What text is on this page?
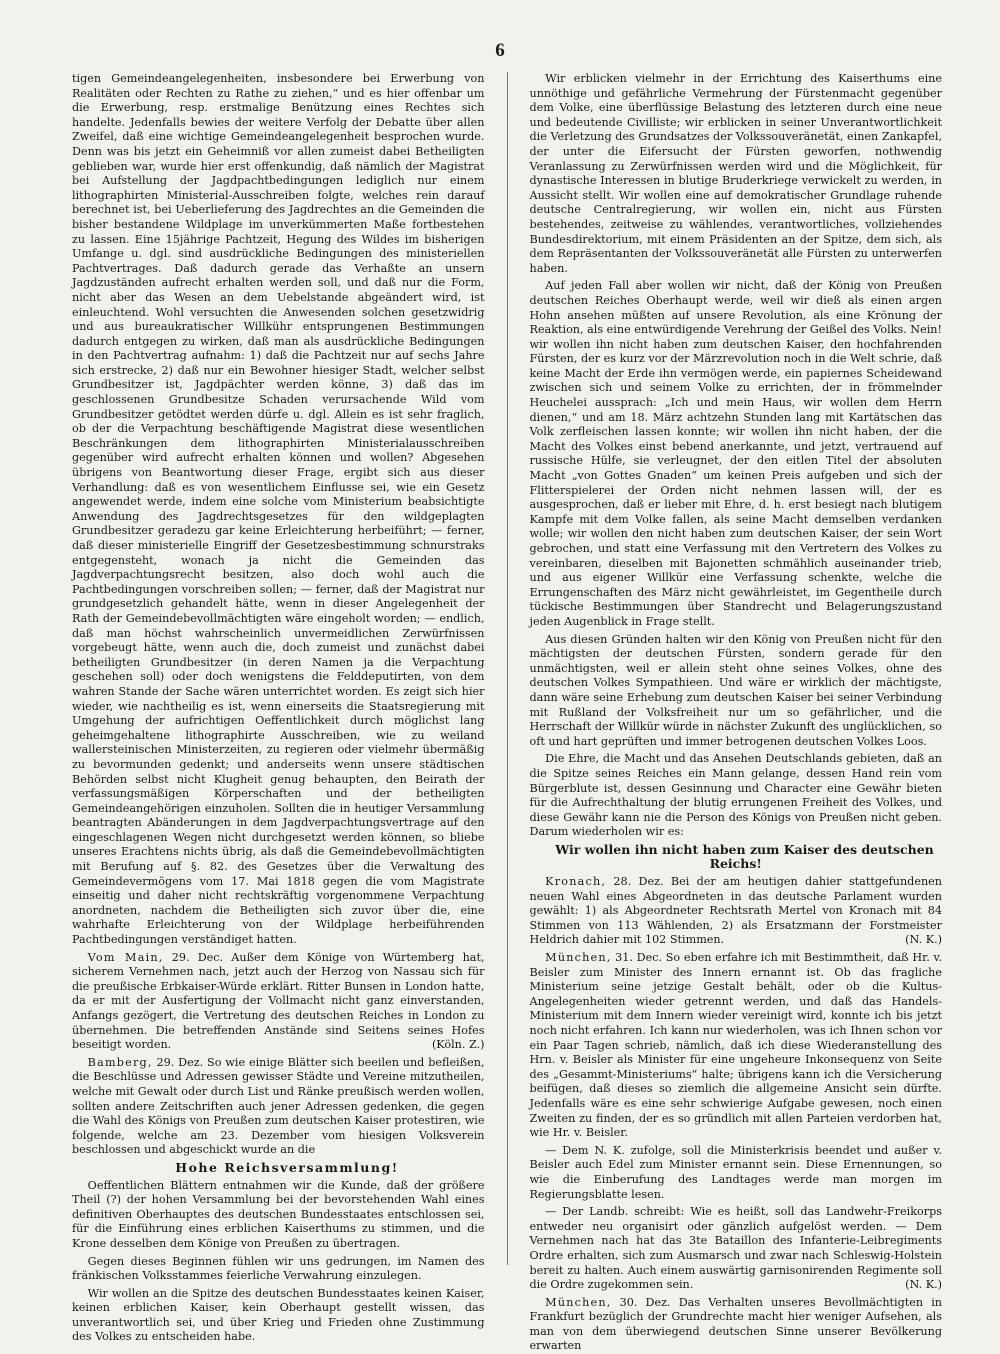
6

tigen Gemeindeangelegenheiten, insbesondere bei Erwerbung von Realitäten oder Rechten zu Rathe zu ziehen,“ und es hier offenbar um die Erwerbung, resp. erstmalige Benützung eines Rechtes sich handelte. Jedenfalls bewies der weitere Verfolg der Debatte über allen Zweifel, daß eine wichtige Gemeindeangelegenheit besprochen wurde. Denn was bis jetzt ein Geheimniß vor allen zumeist dabei Betheiligten geblieben war, wurde hier erst offenkundig, daß nämlich der Magistrat bei Aufstellung der Jagdpachtbedingungen lediglich nur einem lithographirten Ministerial-Ausschreiben folgte, welches rein darauf berechnet ist, bei Ueberlieferung des Jagdrechtes an die Gemeinden die bisher bestandene Wildplage im unverkümmerten Maße fortbestehen zu lassen. Eine 15jährige Pachtzeit, Hegung des Wildes im bisherigen Umfange u. dgl. sind ausdrückliche Bedingungen des ministeriellen Pachtvertrages. Daß dadurch gerade das Verhaßte an unsern Jagdzuständen aufrecht erhalten werden soll, und daß nur die Form, nicht aber das Wesen an dem Uebelstande abgeändert wird, ist einleuchtend. Wohl versuchten die Anwesenden solchen gesetzwidrig und aus bureaukratischer Willkühr entsprungenen Bestimmungen dadurch entgegen zu wirken, daß man als ausdrückliche Bedingungen in den Pachtvertrag aufnahm: 1) daß die Pachtzeit nur auf sechs Jahre sich erstrecke, 2) daß nur ein Bewohner hiesiger Stadt, welcher selbst Grundbesitzer ist, Jagdpächter werden könne, 3) daß das im geschlossenen Grundbesitze Schaden verursachende Wild vom Grundbesitzer getödtet werden dürfe u. dgl. Allein es ist sehr fraglich, ob der die Verpachtung beschäftigende Magistrat diese wesentlichen Beschränkungen dem lithographirten Ministerialausschreiben gegenüber wird aufrecht erhalten können und wollen? Abgesehen übrigens von Beantwortung dieser Frage, ergibt sich aus dieser Verhandlung: daß es von wesentlichem Einflusse sei, wie ein Gesetz angewendet werde, indem eine solche vom Ministerium beabsichtigte Anwendung des Jagdrechtsgesetzes für den wildgeplagten Grundbesitzer geradezu gar keine Erleichterung herbeiführt; — ferner, daß dieser ministerielle Eingriff der Gesetzesbestimmung schnurstraks entgegensteht, wonach ja nicht die Gemeinden das Jagdverpachtungsrecht besitzen, also doch wohl auch die Pachtbedingungen vorschreiben sollen; — ferner, daß der Magistrat nur grundgesetzlich gehandelt hätte, wenn in dieser Angelegenheit der Rath der Gemeindebevollmächtigten wäre eingeholt worden; — endlich, daß man höchst wahrscheinlich unvermeidlichen Zerwürfnissen vorgebeugt hätte, wenn auch die, doch zumeist und zunächst dabei betheiligten Grundbesitzer (in deren Namen ja die Verpachtung geschehen soll) oder doch wenigstens die Felddeputirten, von dem wahren Stande der Sache wären unterrichtet worden. Es zeigt sich hier wieder, wie nachtheilig es ist, wenn einerseits die Staatsregierung mit Umgehung der aufrichtigen Oeffentlichkeit durch möglichst lang geheimgehaltene lithographirte Ausschreiben, wie zu weiland wallersteinischen Ministerzeiten, zu regieren oder vielmehr übermäßig zu bevormunden gedenkt; und anderseits wenn unsere städtischen Behörden selbst nicht Klugheit genug behaupten, den Beirath der verfassungsmäßigen Körperschaften und der betheiligten Gemeindeangehörigen einzuholen. Sollten die in heutiger Versammlung beantragten Abänderungen in dem Jagdverpachtungsvertrage auf den eingeschlagenen Wegen nicht durchgesetzt werden können, so bliebe unseres Erachtens nichts übrig, als daß die Gemeindebevollmächtigten mit Berufung auf §. 82. des Gesetzes über die Verwaltung des Gemeindevermögens vom 17. Mai 1818 gegen die vom Magistrate einseitig und daher nicht rechtskräftig vorgenommene Verpachtung anordneten, nachdem die Betheiligten sich zuvor über die, eine wahrhafte Erleichterung von der Wildplage herbeiführenden Pachtbedingungen verständiget hatten.

Vom Main, 29. Dec. Außer dem Könige von Würtemberg hat, sicherem Vernehmen nach, jetzt auch der Herzog von Nassau sich für die preußische Erbkaiser-Würde erklärt. Ritter Bunsen in London hatte, da er mit der Ausfertigung der Vollmacht nicht ganz einverstanden, Anfangs gezögert, die Vertretung des deutschen Reiches in London zu übernehmen. Die betreffenden Anstände sind Seitens seines Hofes beseitigt worden.	(Köln. Z.)

Bamberg, 29. Dez. So wie einige Blätter sich beeilen und befleißen, die Beschlüsse und Adressen gewisser Städte und Vereine mitzutheilen, welche mit Gewalt oder durch List und Ränke preußisch werden wollen, sollten andere Zeitschriften auch jener Adressen gedenken, die gegen die Wahl des Königs von Preußen zum deutschen Kaiser protestiren, wie folgende, welche am 23. Dezember vom hiesigen Volksverein beschlossen und abgeschickt wurde an die

Hohe Reichsversammlung!

Oeffentlichen Blättern entnahmen wir die Kunde, daß der größere Theil (?) der hohen Versammlung bei der bevorstehenden Wahl eines definitiven Oberhauptes des deutschen Bundesstaates entschlossen sei, für die Einführung eines erblichen Kaiserthums zu stimmen, und die Krone desselben dem Könige von Preußen zu übertragen.

Gegen dieses Beginnen fühlen wir uns gedrungen, im Namen des fränkischen Volksstammes feierliche Verwahrung einzulegen.

Wir wollen an die Spitze des deutschen Bundesstaates keinen Kaiser, keinen erblichen Kaiser, kein Oberhaupt gestellt wissen, das unverantwortlich sei, und über Krieg und Frieden ohne Zustimmung des Volkes zu entscheiden habe.

Wir erblicken vielmehr in der Errichtung des Kaiserthums eine unnöthige und gefährliche Vermehrung der Fürstenmacht gegenüber dem Volke, eine überflüssige Belastung des letzteren durch eine neue und bedeutende Civilliste; wir erblicken in seiner Unverantwortlichkeit die Verletzung des Grundsatzes der Volkssouveränetät, einen Zankapfel, der unter die Eifersucht der Fürsten geworfen, nothwendig Veranlassung zu Zerwürfnissen werden wird und die Möglichkeit, für dynastische Interessen in blutige Bruderkriege verwickelt zu werden, in Aussicht stellt. Wir wollen eine auf demokratischer Grundlage ruhende deutsche Centralregierung, wir wollen ein, nicht aus Fürsten bestehendes, zeitweise zu wählendes, verantwortliches, vollziehendes Bundesdirektorium, mit einem Präsidenten an der Spitze, dem sich, als dem Repräsentanten der Volkssouveränetät alle Fürsten zu unterwerfen haben.

Auf jeden Fall aber wollen wir nicht, daß der König von Preußen deutschen Reiches Oberhaupt werde, weil wir dieß als einen argen Hohn ansehen müßten auf unsere Revolution, als eine Krönung der Reaktion, als eine entwürdigende Verehrung der Geißel des Volks. Nein! wir wollen ihn nicht haben zum deutschen Kaiser, den hochfahrenden Fürsten, der es kurz vor der Märzrevolution noch in die Welt schrie, daß keine Macht der Erde ihn vermögen werde, ein papiernes Scheidewand zwischen sich und seinem Volke zu errichten, der in frömmelnder Heuchelei aussprach: „Ich und mein Haus, wir wollen dem Herrn dienen,“ und am 18. März achtzehn Stunden lang mit Kartätschen das Volk zerfleischen lassen konnte; wir wollen ihn nicht haben, der die Macht des Volkes einst bebend anerkannte, und jetzt, vertrauend auf russische Hülfe, sie verleugnet, der den eitlen Titel der absoluten Macht „von Gottes Gnaden“ um keinen Preis aufgeben und sich der Flitterspielerei der Orden nicht nehmen lassen will, der es ausgesprochen, daß er lieber mit Ehre, d. h. erst besiegt nach blutigem Kampfe mit dem Volke fallen, als seine Macht demselben verdanken wolle; wir wollen den nicht haben zum deutschen Kaiser, der sein Wort gebrochen, und statt eine Verfassung mit den Vertretern des Volkes zu vereinbaren, dieselben mit Bajonetten schmählich auseinander trieb, und aus eigener Willkür eine Verfassung schenkte, welche die Errungenschaften des März nicht gewährleistet, im Gegentheile durch tückische Bestimmungen über Standrecht und Belagerungszustand jeden Augenblick in Frage stellt.

Aus diesen Gründen halten wir den König von Preußen nicht für den mächtigsten der deutschen Fürsten, sondern gerade für den unmächtigsten, weil er allein steht ohne seines Volkes, ohne des deutschen Volkes Sympathieen. Und wäre er wirklich der mächtigste, dann wäre seine Erhebung zum deutschen Kaiser bei seiner Verbindung mit Rußland der Volksfreiheit nur um so gefährlicher, und die Herrschaft der Willkür würde in nächster Zukunft des unglücklichen, so oft und hart geprüften und immer betrogenen deutschen Volkes Loos.

Die Ehre, die Macht und das Ansehen Deutschlands gebieten, daß an die Spitze seines Reiches ein Mann gelange, dessen Hand rein vom Bürgerblute ist, dessen Gesinnung und Character eine Gewähr bieten für die Aufrechthaltung der blutig errungenen Freiheit des Volkes, und diese Gewähr kann nie die Person des Königs von Preußen nicht geben. Darum wiederholen wir es:

Wir wollen ihn nicht haben zum Kaiser des deutschen Reichs!

Kronach, 28. Dez. Bei der am heutigen dahier stattgefundenen neuen Wahl eines Abgeordneten in das deutsche Parlament wurden gewählt: 1) als Abgeordneter Rechtsrath Mertel von Kronach mit 84 Stimmen von 113 Wählenden, 2) als Ersatzmann der Forstmeister Heldrich dahier mit 102 Stimmen.	(N. K.)

München, 31. Dec. So eben erfahre ich mit Bestimmtheit, daß Hr. v. Beisler zum Minister des Innern ernannt ist. Ob das fragliche Ministerium seine jetzige Gestalt behält, oder ob die Kultus-Angelegenheiten wieder getrennt werden, und daß das Handels-Ministerium mit dem Innern wieder vereinigt wird, konnte ich bis jetzt noch nicht erfahren. Ich kann nur wiederholen, was ich Ihnen schon vor ein Paar Tagen schrieb, nämlich, daß ich diese Wiederanstellung des Hrn. v. Beisler als Minister für eine ungeheure Inkonsequenz von Seite des „Gesammt-Ministeriums“ halte; übrigens kann ich die Versicherung beifügen, daß dieses so ziemlich die allgemeine Ansicht sein dürfte. Jedenfalls wäre es eine sehr schwierige Aufgabe gewesen, noch einen Zweiten zu finden, der es so gründlich mit allen Parteien verdorben hat, wie Hr. v. Beisler.

— Dem N. K. zufolge, soll die Ministerkrisis beendet und außer v. Beisler auch Edel zum Minister ernannt sein. Diese Ernennungen, so wie die Einberufung des Landtages werde man morgen im Regierungsblatte lesen.

— Der Landb. schreibt: Wie es heißt, soll das Landwehr-Freikorps entweder neu organisirt oder gänzlich aufgelöst werden. — Dem Vernehmen nach hat das 3te Bataillon des Infanterie-Leibregiments Ordre erhalten, sich zum Ausmarsch und zwar nach Schleswig-Holstein bereit zu halten. Auch einem auswärtig garnisonirenden Regimente soll die Ordre zugekommen sein.	(N. K.)

München, 30. Dez. Das Verhalten unseres Bevollmächtigten in Frankfurt bezüglich der Grundrechte macht hier weniger Aufsehen, als man von dem überwiegend deutschen Sinne unserer Bevölkerung erwarten
